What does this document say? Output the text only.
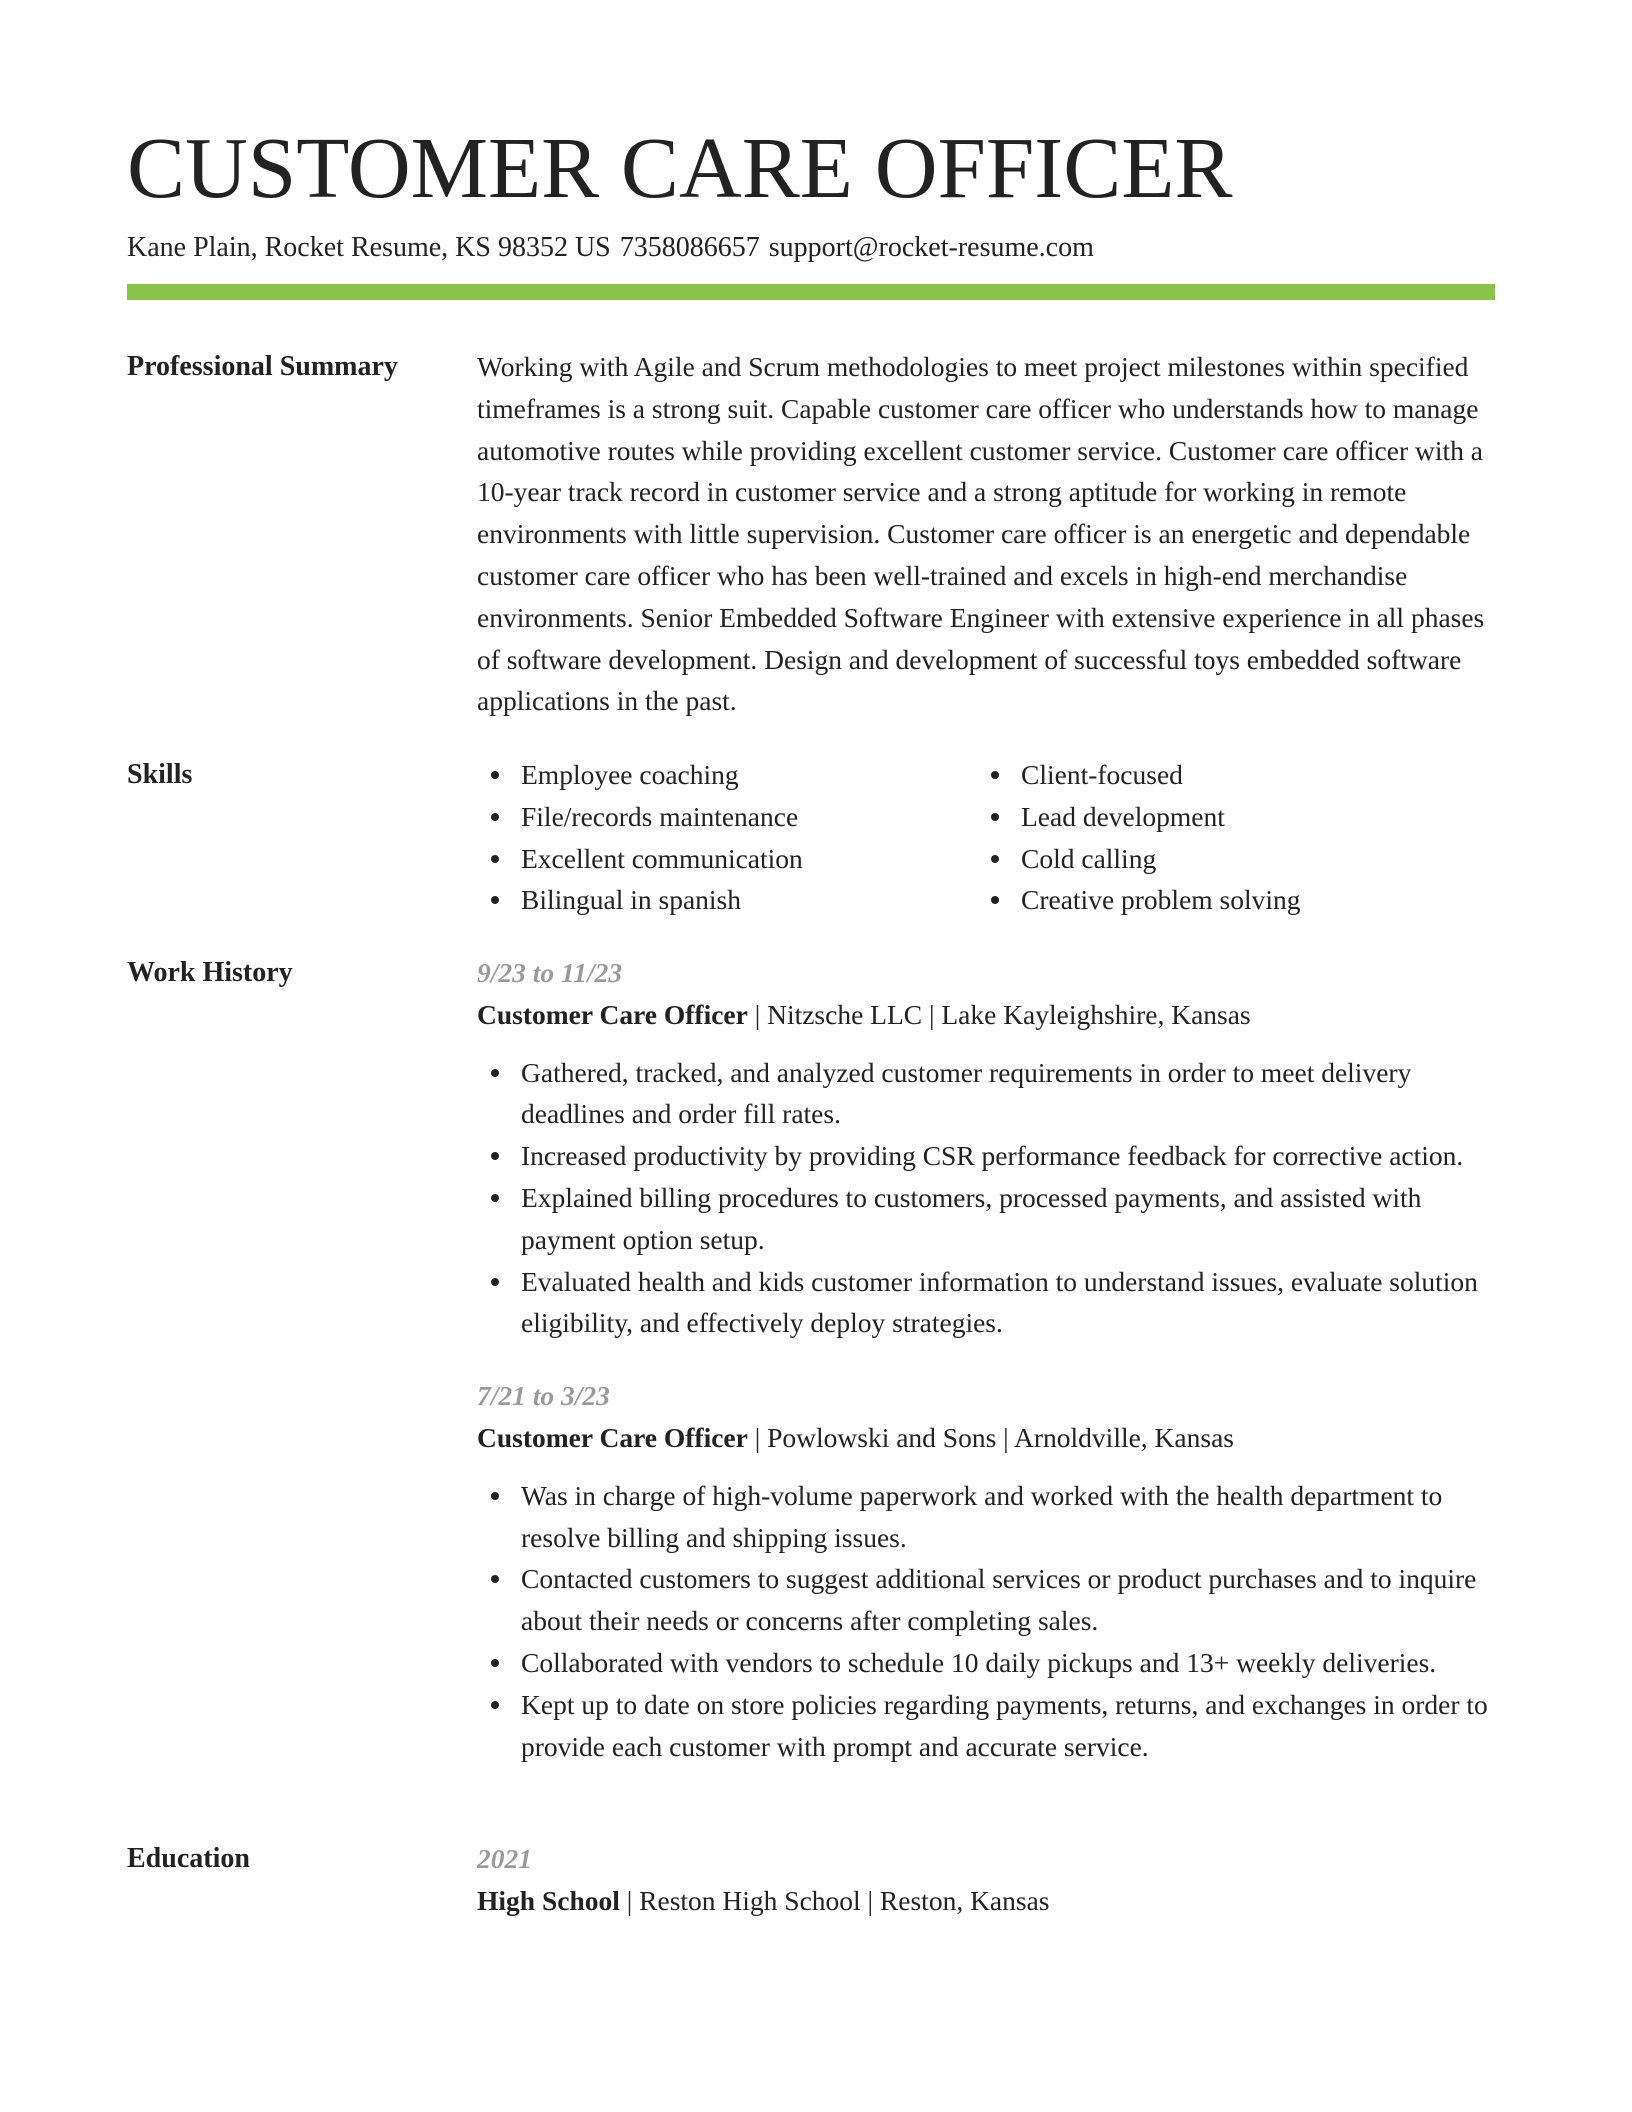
CUSTOMER CARE OFFICER
Kane Plain, Rocket Resume, KS 98352 US 7358086657 support@rocket-resume.com
Professional Summary	Working with Agile and Scrum methodologies to meet project milestones within specified timeframes is a strong suit. Capable customer care officer who understands how to manage automotive routes while providing excellent customer service. Customer care officer with a 10-year track record in customer service and a strong aptitude for working in remote environments with little supervision. Customer care officer is an energetic and dependable customer care officer who has been well-trained and excels in high-end merchandise environments. Senior Embedded Software Engineer with extensive experience in all phases of software development. Design and development of successful toys embedded software applications in the past.

Skills	Employee coaching
File/records maintenance
Excellent communication
Bilingual in spanish
Client-focused
Lead development
Cold calling
Creative problem solving
Work History	9/23 to 11/23
Customer Care Officer | Nitzsche LLC | Lake Kayleighshire, Kansas
Gathered, tracked, and analyzed customer requirements in order to meet delivery deadlines and order fill rates.
Increased productivity by providing CSR performance feedback for corrective action.
Explained billing procedures to customers, processed payments, and assisted with payment option setup.
Evaluated health and kids customer information to understand issues, evaluate solution eligibility, and effectively deploy strategies.
7/21 to 3/23
Customer Care Officer | Powlowski and Sons | Arnoldville, Kansas
Was in charge of high-volume paperwork and worked with the health department to resolve billing and shipping issues.
Contacted customers to suggest additional services or product purchases and to inquire about their needs or concerns after completing sales.
Collaborated with vendors to schedule 10 daily pickups and 13+ weekly deliveries.
Kept up to date on store policies regarding payments, returns, and exchanges in order to provide each customer with prompt and accurate service.
Education	2021
High School | Reston High School | Reston, Kansas
